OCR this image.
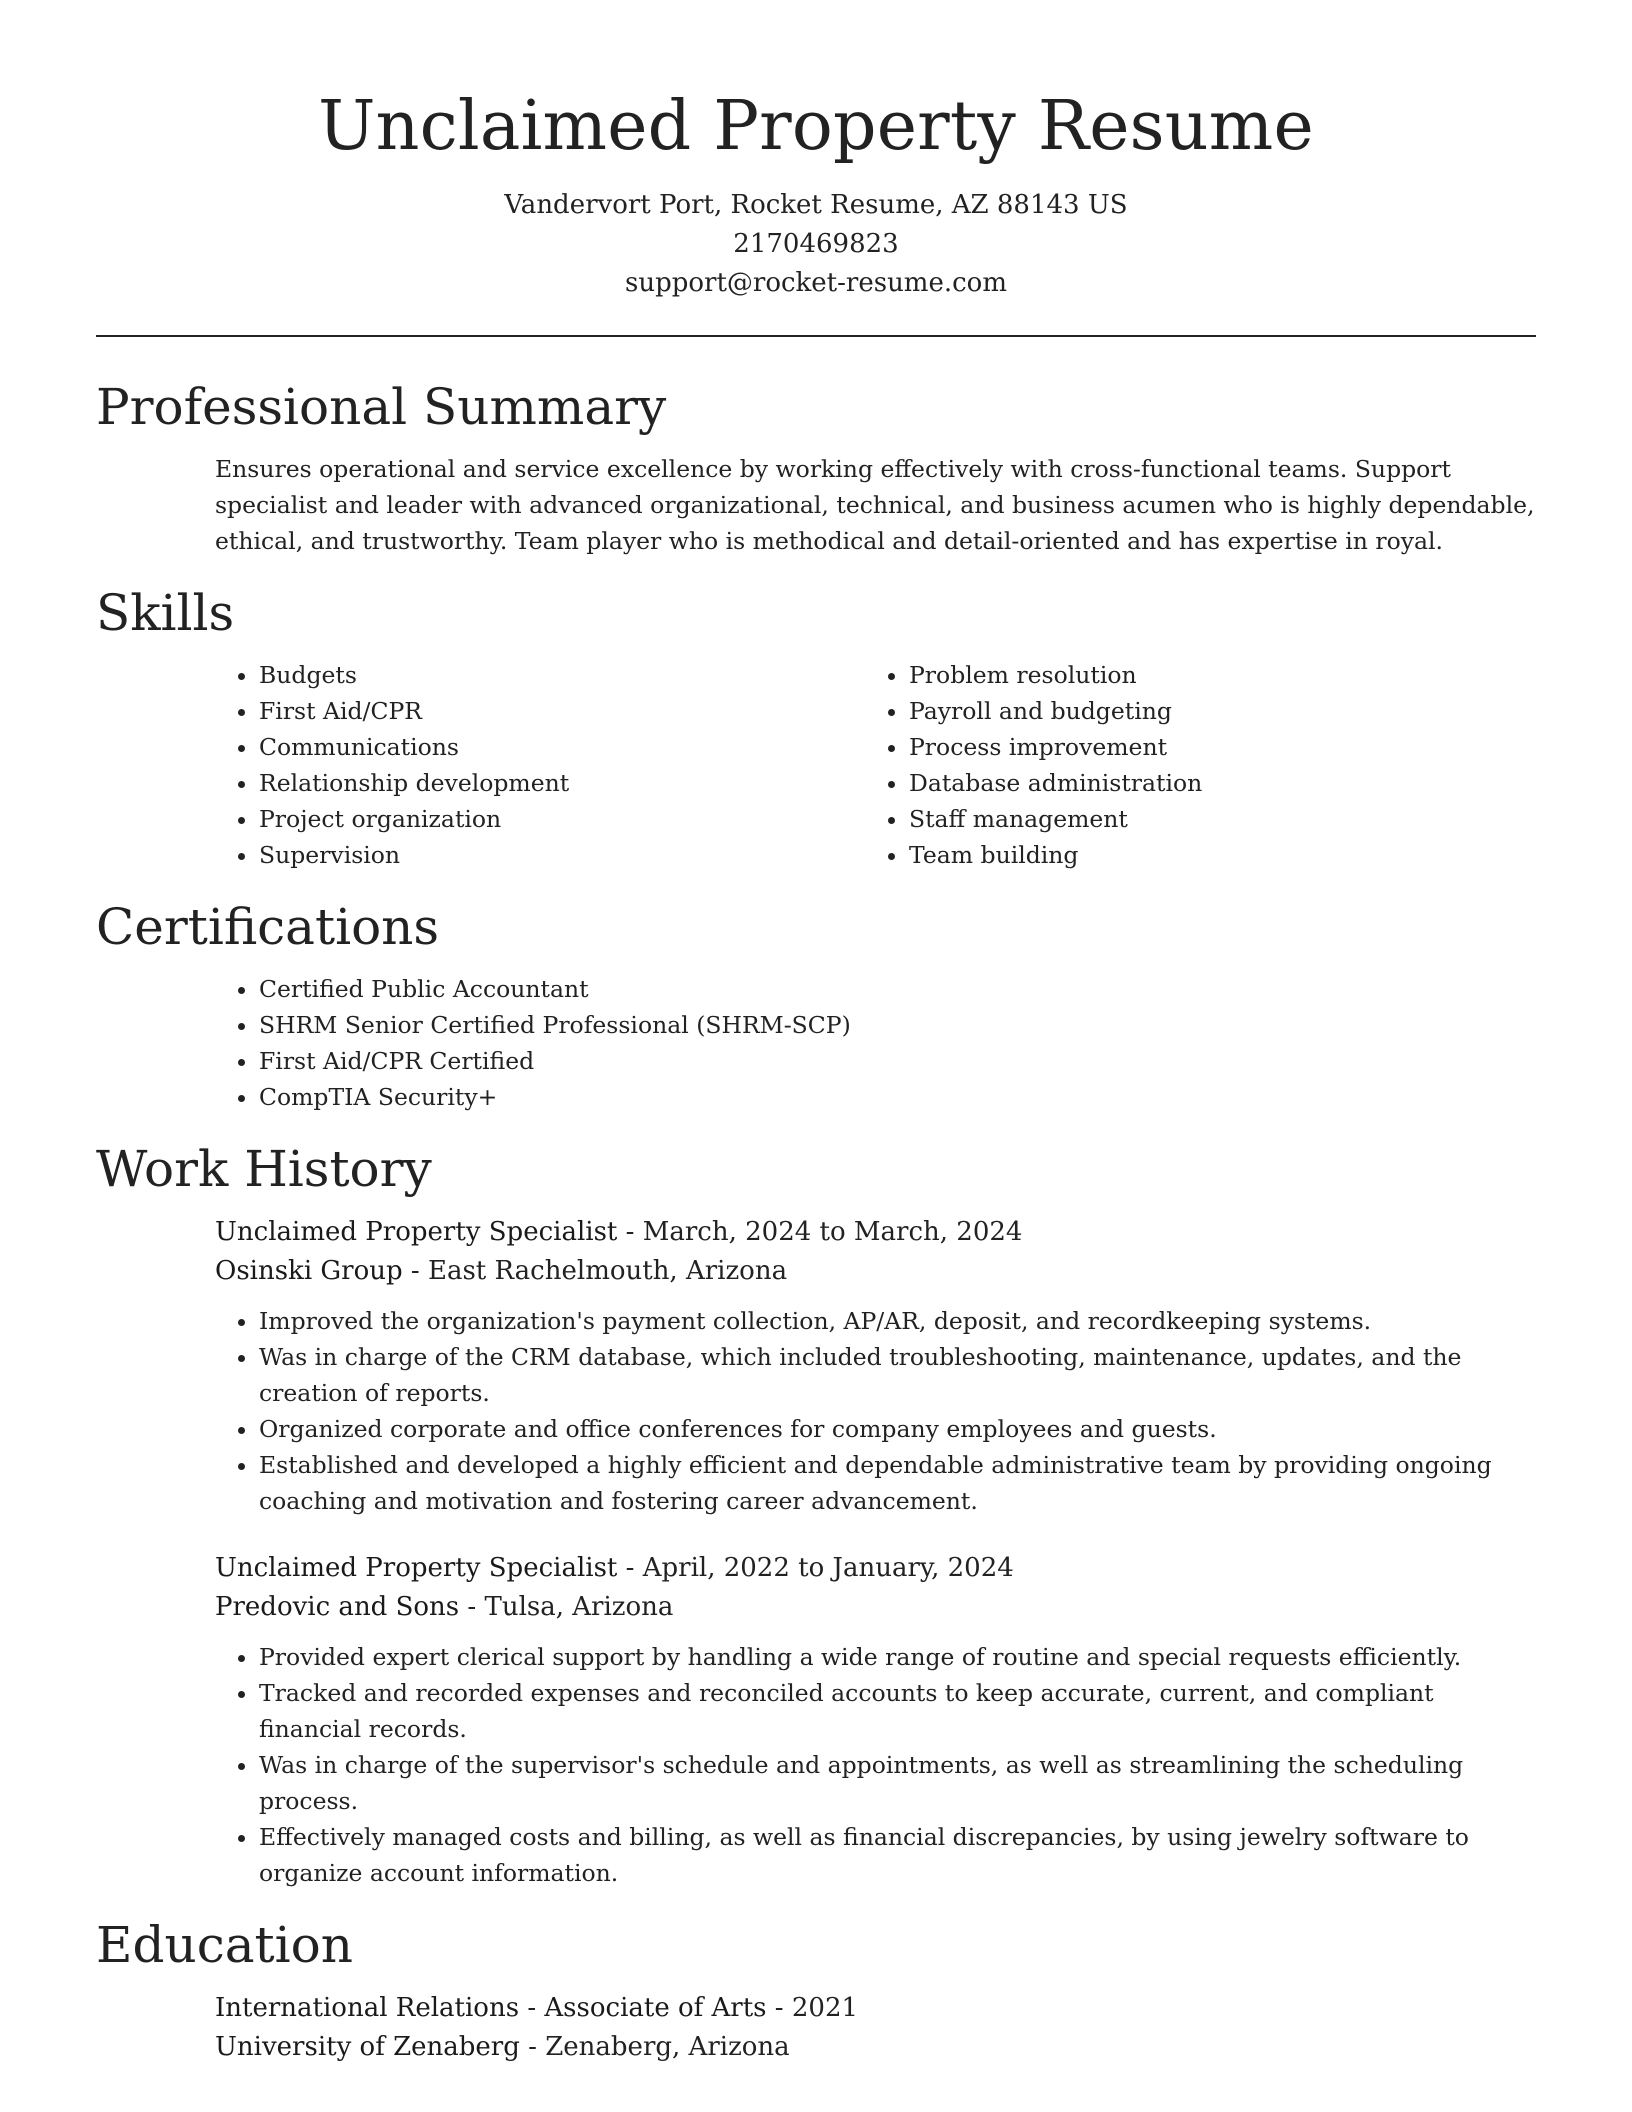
Unclaimed Property Resume
Vandervort Port, Rocket Resume, AZ 88143 US
2170469823
support@rocket-resume.com
Professional Summary
Ensures operational and service excellence by working effectively with cross-functional teams. Support specialist and leader with advanced organizational, technical, and business acumen who is highly dependable, ethical, and trustworthy. Team player who is methodical and detail-oriented and has expertise in royal.
Skills
• Budgets
• First Aid/CPR
• Communications
• Relationship development
• Project organization
• Supervision
• Problem resolution
• Payroll and budgeting
• Process improvement
• Database administration
• Staff management
• Team building
Certifications
• Certified Public Accountant
• SHRM Senior Certified Professional (SHRM-SCP)
• First Aid/CPR Certified
• CompTIA Security+
Work History
Unclaimed Property Specialist - March, 2024 to March, 2024
Osinski Group - East Rachelmouth, Arizona
• Improved the organization's payment collection, AP/AR, deposit, and recordkeeping systems.
• Was in charge of the CRM database, which included troubleshooting, maintenance, updates, and the creation of reports.
• Organized corporate and office conferences for company employees and guests.
• Established and developed a highly efficient and dependable administrative team by providing ongoing coaching and motivation and fostering career advancement.
Unclaimed Property Specialist - April, 2022 to January, 2024
Predovic and Sons - Tulsa, Arizona
• Provided expert clerical support by handling a wide range of routine and special requests efficiently.
• Tracked and recorded expenses and reconciled accounts to keep accurate, current, and compliant financial records.
• Was in charge of the supervisor's schedule and appointments, as well as streamlining the scheduling process.
• Effectively managed costs and billing, as well as financial discrepancies, by using jewelry software to organize account information.
Education
International Relations - Associate of Arts - 2021
University of Zenaberg - Zenaberg, Arizona
